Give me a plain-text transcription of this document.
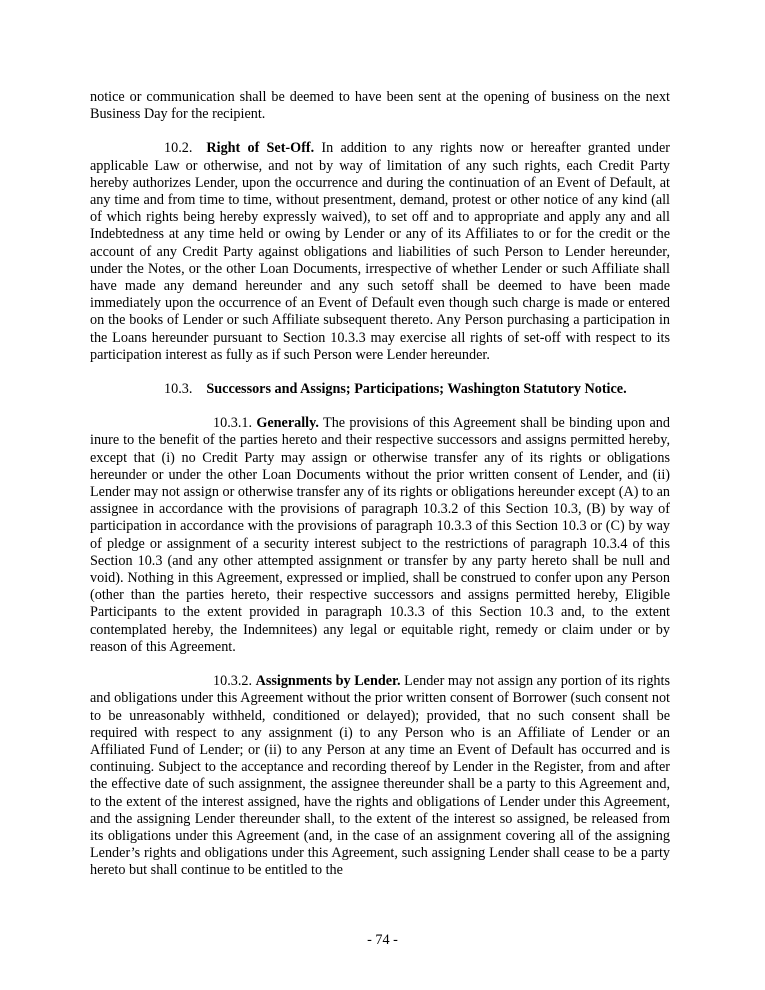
notice or communication shall be deemed to have been sent at the opening of business on the next Business Day for the recipient.

10.2. Right of Set-Off. In addition to any rights now or hereafter granted under applicable Law or otherwise, and not by way of limitation of any such rights, each Credit Party hereby authorizes Lender, upon the occurrence and during the continuation of an Event of Default, at any time and from time to time, without presentment, demand, protest or other notice of any kind (all of which rights being hereby expressly waived), to set off and to appropriate and apply any and all Indebtedness at any time held or owing by Lender or any of its Affiliates to or for the credit or the account of any Credit Party against obligations and liabilities of such Person to Lender hereunder, under the Notes, or the other Loan Documents, irrespective of whether Lender or such Affiliate shall have made any demand hereunder and any such setoff shall be deemed to have been made immediately upon the occurrence of an Event of Default even though such charge is made or entered on the books of Lender or such Affiliate subsequent thereto. Any Person purchasing a participation in the Loans hereunder pursuant to Section 10.3.3 may exercise all rights of set-off with respect to its participation interest as fully as if such Person were Lender hereunder.

10.3. Successors and Assigns; Participations; Washington Statutory Notice.

10.3.1. Generally. The provisions of this Agreement shall be binding upon and inure to the benefit of the parties hereto and their respective successors and assigns permitted hereby, except that (i) no Credit Party may assign or otherwise transfer any of its rights or obligations hereunder or under the other Loan Documents without the prior written consent of Lender, and (ii) Lender may not assign or otherwise transfer any of its rights or obligations hereunder except (A) to an assignee in accordance with the provisions of paragraph 10.3.2 of this Section 10.3, (B) by way of participation in accordance with the provisions of paragraph 10.3.3 of this Section 10.3 or (C) by way of pledge or assignment of a security interest subject to the restrictions of paragraph 10.3.4 of this Section 10.3 (and any other attempted assignment or transfer by any party hereto shall be null and void). Nothing in this Agreement, expressed or implied, shall be construed to confer upon any Person (other than the parties hereto, their respective successors and assigns permitted hereby, Eligible Participants to the extent provided in paragraph 10.3.3 of this Section 10.3 and, to the extent contemplated hereby, the Indemnitees) any legal or equitable right, remedy or claim under or by reason of this Agreement.

10.3.2. Assignments by Lender. Lender may not assign any portion of its rights and obligations under this Agreement without the prior written consent of Borrower (such consent not to be unreasonably withheld, conditioned or delayed); provided, that no such consent shall be required with respect to any assignment (i) to any Person who is an Affiliate of Lender or an Affiliated Fund of Lender; or (ii) to any Person at any time an Event of Default has occurred and is continuing. Subject to the acceptance and recording thereof by Lender in the Register, from and after the effective date of such assignment, the assignee thereunder shall be a party to this Agreement and, to the extent of the interest assigned, have the rights and obligations of Lender under this Agreement, and the assigning Lender thereunder shall, to the extent of the interest so assigned, be released from its obligations under this Agreement (and, in the case of an assignment covering all of the assigning Lender’s rights and obligations under this Agreement, such assigning Lender shall cease to be a party hereto but shall continue to be entitled to the

- 74 -
